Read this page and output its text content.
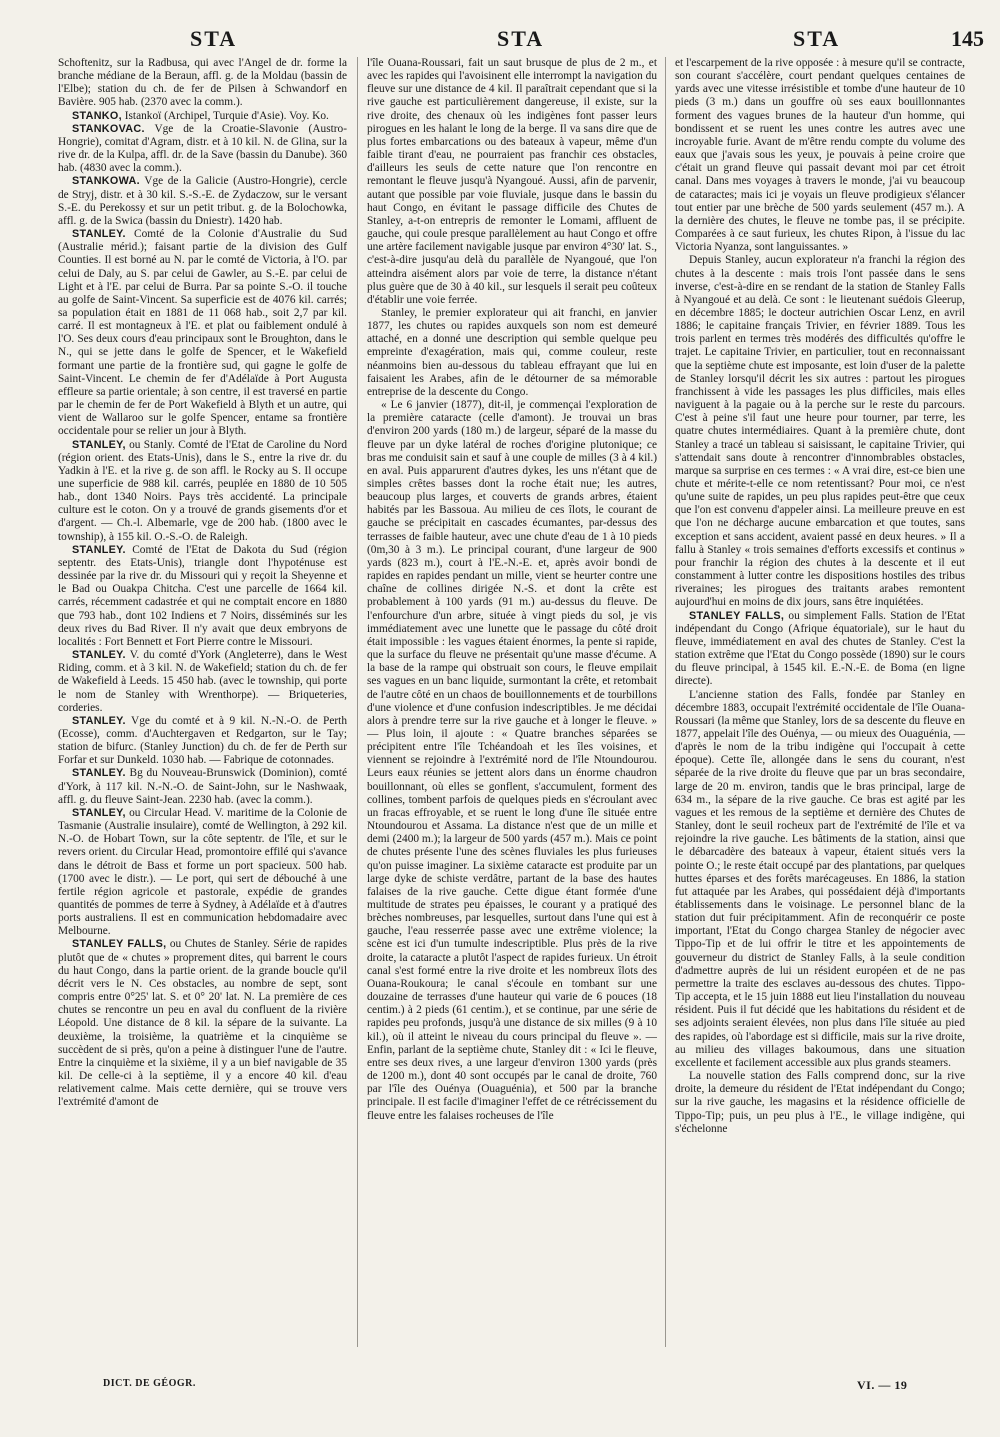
STA	STA	STA	145

Schoftenitz, sur la Radbusa, qui avec l'Angel de dr. forme la branche médiane de la Beraun, affl. g. de la Moldau (bassin de l'Elbe); station du ch. de fer de Pilsen à Schwandorf en Bavière. 905 hab. (2370 avec la comm.).

STANKO, Istankoï (Archipel, Turquie d'Asie). Voy. Ko.

STANKOVAC. Vge de la Croatie-Slavonie (Austro-Hongrie), comitat d'Agram, distr. et à 10 kil. N. de Glina, sur la rive dr. de la Kulpa, affl. dr. de la Save (bassin du Danube). 360 hab. (4830 avec la comm.).

STANKOWA. Vge de la Galicie (Austro-Hongrie), cercle de Stryj, distr. et à 30 kil. S.-S.-E. de Zydaczow, sur le versant S.-E. du Perekossy et sur un petit tribut. g. de la Bolochowka, affl. g. de la Swica (bassin du Dniestr). 1420 hab.

STANLEY. Comté de la Colonie d'Australie du Sud (Australie mérid.); faisant partie de la division des Gulf Counties. Il est borné au N. par le comté de Victoria, à l'O. par celui de Daly, au S. par celui de Gawler, au S.-E. par celui de Light et à l'E. par celui de Burra. Par sa pointe S.-O. il touche au golfe de Saint-Vincent. Sa superficie est de 4076 kil. carrés; sa population était en 1881 de 11 068 hab., soit 2,7 par kil. carré. Il est montagneux à l'E. et plat ou faiblement ondulé à l'O. Ses deux cours d'eau principaux sont le Broughton, dans le N., qui se jette dans le golfe de Spencer, et le Wakefield formant une partie de la frontière sud, qui gagne le golfe de Saint-Vincent. Le chemin de fer d'Adélaïde à Port Augusta effleure sa partie orientale; à son centre, il est traversé en partie par le chemin de fer de Port Wakefield à Blyth et un autre, qui vient de Wallaroo sur le golfe Spencer, entame sa frontière occidentale pour se relier un jour à Blyth.

STANLEY, ou Stanly. Comté de l'Etat de Caroline du Nord (région orient. des Etats-Unis), dans le S., entre la rive dr. du Yadkin à l'E. et la rive g. de son affl. le Rocky au S. Il occupe une superficie de 988 kil. carrés, peuplée en 1880 de 10 505 hab., dont 1340 Noirs. Pays très accidenté. La principale culture est le coton. On y a trouvé de grands gisements d'or et d'argent. — Ch.-l. Albemarle, vge de 200 hab. (1800 avec le township), à 155 kil. O.-S.-O. de Raleigh.

STANLEY. Comté de l'Etat de Dakota du Sud (région septentr. des Etats-Unis), triangle dont l'hypoténuse est dessinée par la rive dr. du Missouri qui y reçoit la Sheyenne et le Bad ou Ouakpa Chitcha. C'est une parcelle de 1664 kil. carrés, récemment cadastrée et qui ne comptait encore en 1880 que 793 hab., dont 102 Indiens et 7 Noirs, disséminés sur les deux rives du Bad River. Il n'y avait que deux embryons de localités : Fort Bennett et Fort Pierre contre le Missouri.

STANLEY. V. du comté d'York (Angleterre), dans le West Riding, comm. et à 3 kil. N. de Wakefield; station du ch. de fer de Wakefield à Leeds. 15 450 hab. (avec le township, qui porte le nom de Stanley with Wrenthorpe). — Briqueteries, corderies.

STANLEY. Vge du comté et à 9 kil. N.-N.-O. de Perth (Ecosse), comm. d'Auchtergaven et Redgarton, sur le Tay; station de bifurc. (Stanley Junction) du ch. de fer de Perth sur Forfar et sur Dunkeld. 1030 hab. — Fabrique de cotonnades.

STANLEY. Bg du Nouveau-Brunswick (Dominion), comté d'York, à 117 kil. N.-N.-O. de Saint-John, sur le Nashwaak, affl. g. du fleuve Saint-Jean. 2230 hab. (avec la comm.).

STANLEY, ou Circular Head. V. maritime de la Colonie de Tasmanie (Australie insulaire), comté de Wellington, à 292 kil. N.-O. de Hobart Town, sur la côte septentr. de l'île, et sur le revers orient. du Circular Head, promontoire effilé qui s'avance dans le détroit de Bass et forme un port spacieux. 500 hab. (1700 avec le distr.). — Le port, qui sert de débouché à une fertile région agricole et pastorale, expédie de grandes quantités de pommes de terre à Sydney, à Adélaïde et à d'autres ports australiens. Il est en communication hebdomadaire avec Melbourne.

STANLEY FALLS, ou Chutes de Stanley. Série de rapides plutôt que de « chutes » proprement dites, qui barrent le cours du haut Congo, dans la partie orient. de la grande boucle qu'il décrit vers le N. Ces obstacles, au nombre de sept, sont compris entre 0°25' lat. S. et 0° 20' lat. N. La première de ces chutes se rencontre un peu en aval du confluent de la rivière Léopold. Une distance de 8 kil. la sépare de la suivante. La deuxième, la troisième, la quatrième et la cinquième se succèdent de si près, qu'on a peine à distinguer l'une de l'autre. Entre la cinquième et la sixième, il y a un bief navigable de 35 kil. De celle-ci à la septième, il y a encore 40 kil. d'eau relativement calme. Mais cette dernière, qui se trouve vers l'extrémité d'amont de

l'île Ouana-Roussari, fait un saut brusque de plus de 2 m., et avec les rapides qui l'avoisinent elle interrompt la navigation du fleuve sur une distance de 4 kil. Il paraîtrait cependant que si la rive gauche est particulièrement dangereuse, il existe, sur la rive droite, des chenaux où les indigènes font passer leurs pirogues en les halant le long de la berge. Il va sans dire que de plus fortes embarcations ou des bateaux à vapeur, même d'un faible tirant d'eau, ne pourraient pas franchir ces obstacles, d'ailleurs les seuls de cette nature que l'on rencontre en remontant le fleuve jusqu'à Nyangoué. Aussi, afin de parvenir, autant que possible par voie fluviale, jusque dans le bassin du haut Congo, en évitant le passage difficile des Chutes de Stanley, a-t-on entrepris de remonter le Lomami, affluent de gauche, qui coule presque parallèlement au haut Congo et offre une artère facilement navigable jusque par environ 4°30' lat. S., c'est-à-dire jusqu'au delà du parallèle de Nyangoué, que l'on atteindra aisément alors par voie de terre, la distance n'étant plus guère que de 30 à 40 kil., sur lesquels il serait peu coûteux d'établir une voie ferrée.

Stanley, le premier explorateur qui ait franchi, en janvier 1877, les chutes ou rapides auxquels son nom est demeuré attaché, en a donné une description qui semble quelque peu empreinte d'exagération, mais qui, comme couleur, reste néanmoins bien au-dessous du tableau effrayant que lui en faisaient les Arabes, afin de le détourner de sa mémorable entreprise de la descente du Congo.

« Le 6 janvier (1877), dit-il, je commençai l'exploration de la première cataracte (celle d'amont). Je trouvai un bras d'environ 200 yards (180 m.) de largeur, séparé de la masse du fleuve par un dyke latéral de roches d'origine plutonique; ce bras me conduisit sain et sauf à une couple de milles (3 à 4 kil.) en aval. Puis apparurent d'autres dykes, les uns n'étant que de simples crêtes basses dont la roche était nue; les autres, beaucoup plus larges, et couverts de grands arbres, étaient habités par les Bassoua. Au milieu de ces îlots, le courant de gauche se précipitait en cascades écumantes, par-dessus des terrasses de faible hauteur, avec une chute d'eau de 1 à 10 pieds (0m,30 à 3 m.). Le principal courant, d'une largeur de 900 yards (823 m.), court à l'E.-N.-E. et, après avoir bondi de rapides en rapides pendant un mille, vient se heurter contre une chaîne de collines dirigée N.-S. et dont la crête est probablement à 100 yards (91 m.) au-dessus du fleuve. De l'enfourchure d'un arbre, située à vingt pieds du sol, je vis immédiatement avec une lunette que le passage du côté droit était impossible : les vagues étaient énormes, la pente si rapide, que la surface du fleuve ne présentait qu'une masse d'écume. A la base de la rampe qui obstruait son cours, le fleuve empilait ses vagues en un banc liquide, surmontant la crête, et retombait de l'autre côté en un chaos de bouillonnements et de tourbillons d'une violence et d'une confusion indescriptibles. Je me décidai alors à prendre terre sur la rive gauche et à longer le fleuve. » — Plus loin, il ajoute : « Quatre branches séparées se précipitent entre l'île Tchéandoah et les îles voisines, et viennent se rejoindre à l'extrémité nord de l'île Ntoundourou. Leurs eaux réunies se jettent alors dans un énorme chaudron bouillonnant, où elles se gonflent, s'accumulent, forment des collines, tombent parfois de quelques pieds en s'écroulant avec un fracas effroyable, et se ruent le long d'une île située entre Ntoundourou et Assama. La distance n'est que de un mille et demi (2400 m.); la largeur de 500 yards (457 m.). Mais ce point de chutes présente l'une des scènes fluviales les plus furieuses qu'on puisse imaginer. La sixième cataracte est produite par un large dyke de schiste verdâtre, partant de la base des hautes falaises de la rive gauche. Cette digue étant formée d'une multitude de strates peu épaisses, le courant y a pratiqué des brèches nombreuses, par lesquelles, surtout dans l'une qui est à gauche, l'eau resserrée passe avec une extrême violence; la scène est ici d'un tumulte indescriptible. Plus près de la rive droite, la cataracte a plutôt l'aspect de rapides furieux. Un étroit canal s'est formé entre la rive droite et les nombreux îlots des Ouana-Roukoura; le canal s'écoule en tombant sur une douzaine de terrasses d'une hauteur qui varie de 6 pouces (18 centim.) à 2 pieds (61 centim.), et se continue, par une série de rapides peu profonds, jusqu'à une distance de six milles (9 à 10 kil.), où il atteint le niveau du cours principal du fleuve ». — Enfin, parlant de la septième chute, Stanley dit : « Ici le fleuve, entre ses deux rives, a une largeur d'environ 1300 yards (près de 1200 m.), dont 40 sont occupés par le canal de droite, 760 par l'île des Ouénya (Ouaguénia), et 500 par la branche principale. Il est facile d'imaginer l'effet de ce rétrécissement du fleuve entre les falaises rocheuses de l'île

et l'escarpement de la rive opposée : à mesure qu'il se contracte, son courant s'accélère, court pendant quelques centaines de yards avec une vitesse irrésistible et tombe d'une hauteur de 10 pieds (3 m.) dans un gouffre où ses eaux bouillonnantes forment des vagues brunes de la hauteur d'un homme, qui bondissent et se ruent les unes contre les autres avec une incroyable furie. Avant de m'être rendu compte du volume des eaux que j'avais sous les yeux, je pouvais à peine croire que c'était un grand fleuve qui passait devant moi par cet étroit canal. Dans mes voyages à travers le monde, j'ai vu beaucoup de cataractes; mais ici je voyais un fleuve prodigieux s'élancer tout entier par une brèche de 500 yards seulement (457 m.). A la dernière des chutes, le fleuve ne tombe pas, il se précipite. Comparées à ce saut furieux, les chutes Ripon, à l'issue du lac Victoria Nyanza, sont languissantes. »

Depuis Stanley, aucun explorateur n'a franchi la région des chutes à la descente : mais trois l'ont passée dans le sens inverse, c'est-à-dire en se rendant de la station de Stanley Falls à Nyangoué et au delà. Ce sont : le lieutenant suédois Gleerup, en décembre 1885; le docteur autrichien Oscar Lenz, en avril 1886; le capitaine français Trivier, en février 1889. Tous les trois parlent en termes très modérés des difficultés qu'offre le trajet. Le capitaine Trivier, en particulier, tout en reconnaissant que la septième chute est imposante, est loin d'user de la palette de Stanley lorsqu'il décrit les six autres : partout les pirogues franchissent à vide les passages les plus difficiles, mais elles naviguent à la pagaie ou à la perche sur le reste du parcours. C'est à peine s'il faut une heure pour tourner, par terre, les quatre chutes intermédiaires. Quant à la première chute, dont Stanley a tracé un tableau si saisissant, le capitaine Trivier, qui s'attendait sans doute à rencontrer d'innombrables obstacles, marque sa surprise en ces termes : « A vrai dire, est-ce bien une chute et mérite-t-elle ce nom retentissant? Pour moi, ce n'est qu'une suite de rapides, un peu plus rapides peut-être que ceux que l'on est convenu d'appeler ainsi. La meilleure preuve en est que l'on ne décharge aucune embarcation et que toutes, sans exception et sans accident, avaient passé en deux heures. » Il a fallu à Stanley « trois semaines d'efforts excessifs et continus » pour franchir la région des chutes à la descente et il eut constamment à lutter contre les dispositions hostiles des tribus riveraines; les pirogues des traitants arabes remontent aujourd'hui en moins de dix jours, sans être inquiétées.

STANLEY FALLS, ou simplement Falls. Station de l'Etat indépendant du Congo (Afrique équatoriale), sur le haut du fleuve, immédiatement en aval des chutes de Stanley. C'est la station extrême que l'Etat du Congo possède (1890) sur le cours du fleuve principal, à 1545 kil. E.-N.-E. de Boma (en ligne directe).

L'ancienne station des Falls, fondée par Stanley en décembre 1883, occupait l'extrémité occidentale de l'île Ouana-Roussari (la même que Stanley, lors de sa descente du fleuve en 1877, appelait l'île des Ouénya, — ou mieux des Ouaguénia, — d'après le nom de la tribu indigène qui l'occupait à cette époque). Cette île, allongée dans le sens du courant, n'est séparée de la rive droite du fleuve que par un bras secondaire, large de 20 m. environ, tandis que le bras principal, large de 634 m., la sépare de la rive gauche. Ce bras est agité par les vagues et les remous de la septième et dernière des Chutes de Stanley, dont le seuil rocheux part de l'extrémité de l'île et va rejoindre la rive gauche. Les bâtiments de la station, ainsi que le débarcadère des bateaux à vapeur, étaient situés vers la pointe O.; le reste était occupé par des plantations, par quelques huttes éparses et des forêts marécageuses. En 1886, la station fut attaquée par les Arabes, qui possédaient déjà d'importants établissements dans le voisinage. Le personnel blanc de la station dut fuir précipitamment. Afin de reconquérir ce poste important, l'Etat du Congo chargea Stanley de négocier avec Tippo-Tip et de lui offrir le titre et les appointements de gouverneur du district de Stanley Falls, à la seule condition d'admettre auprès de lui un résident européen et de ne pas permettre la traite des esclaves au-dessous des chutes. Tippo-Tip accepta, et le 15 juin 1888 eut lieu l'installation du nouveau résident. Puis il fut décidé que les habitations du résident et de ses adjoints seraient élevées, non plus dans l'île située au pied des rapides, où l'abordage est si difficile, mais sur la rive droite, au milieu des villages bakoumous, dans une situation excellente et facilement accessible aux plus grands steamers.

La nouvelle station des Falls comprend donc, sur la rive droite, la demeure du résident de l'Etat indépendant du Congo; sur la rive gauche, les magasins et la résidence officielle de Tippo-Tip; puis, un peu plus à l'E., le village indigène, qui s'échelonne

DICT. DE GÉOGR.	VI. — 19
